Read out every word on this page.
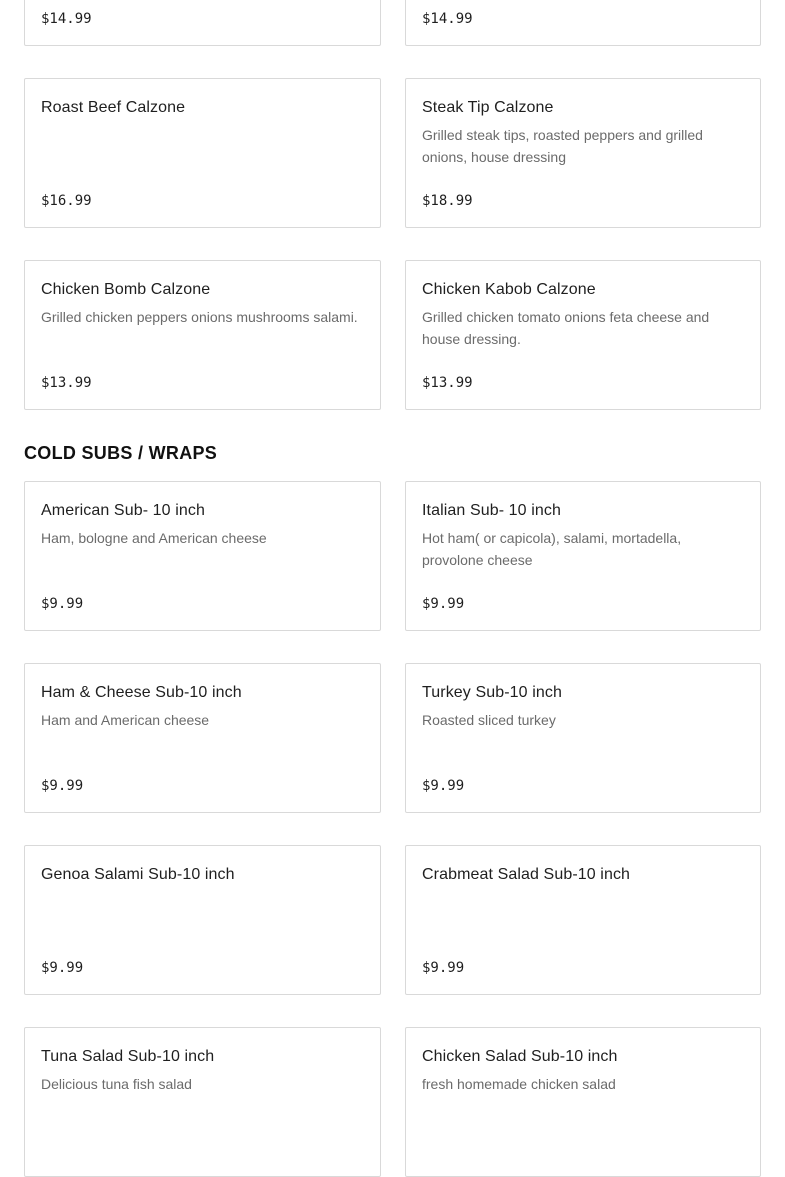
$14.99	$14.99
Roast Beef Calzone
$16.99
Steak Tip Calzone
Grilled steak tips, roasted peppers and grilled onions, house dressing
$18.99
Chicken Bomb Calzone
Grilled chicken peppers onions mushrooms salami.
$13.99
Chicken Kabob Calzone
Grilled chicken tomato onions feta cheese and house dressing.
$13.99
COLD SUBS / WRAPS
American Sub- 10 inch
Ham, bologne and American cheese
$9.99
Italian Sub- 10 inch
Hot ham( or capicola), salami, mortadella, provolone cheese
$9.99
Ham & Cheese Sub-10 inch
Ham and American cheese
$9.99
Turkey Sub-10 inch
Roasted sliced turkey
$9.99
Genoa Salami Sub-10 inch
$9.99
Crabmeat Salad Sub-10 inch
$9.99
Tuna Salad Sub-10 inch
Delicious tuna fish salad
Chicken Salad Sub-10 inch
fresh homemade chicken salad
